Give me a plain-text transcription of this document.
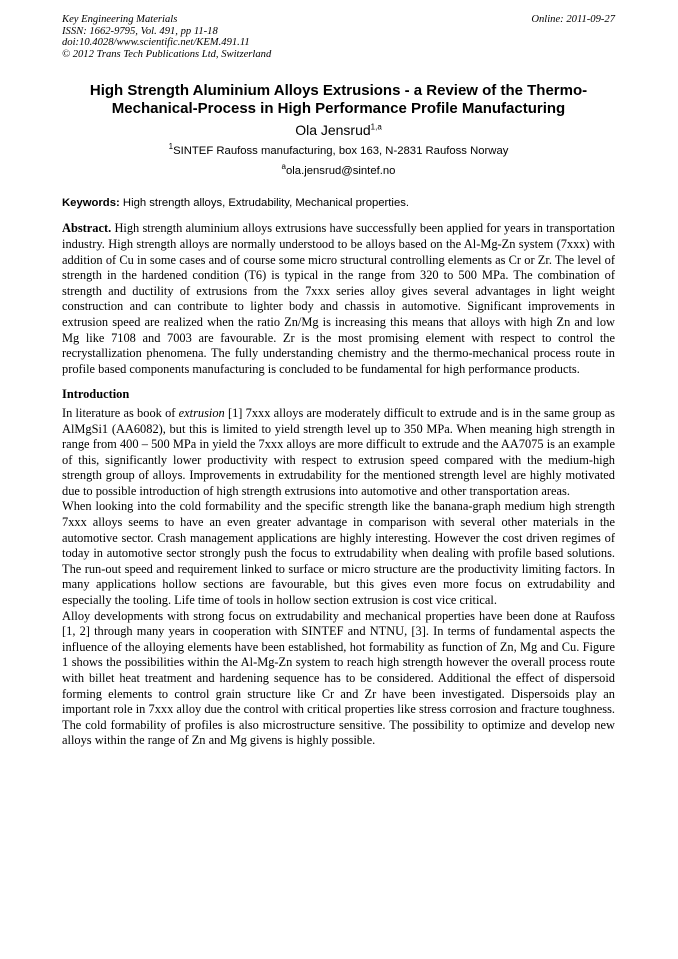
Key Engineering Materials
ISSN: 1662-9795, Vol. 491, pp 11-18
doi:10.4028/www.scientific.net/KEM.491.11
© 2012 Trans Tech Publications Ltd, Switzerland
Online: 2011-09-27
High Strength Aluminium Alloys Extrusions - a Review of the Thermo-
Mechanical-Process in High Performance Profile Manufacturing
Ola Jensrud$^{1,a}$
$^1$SINTEF Raufoss manufacturing, box 163, N-2831 Raufoss Norway
$^a$ola.jensrud@sintef.no
Keywords: High strength alloys, Extrudability, Mechanical properties.

Abstract. High strength aluminium alloys extrusions have successfully been applied for years in transportation industry. High strength alloys are normally understood to be alloys based on the Al-Mg-Zn system (7xxx) with addition of Cu in some cases and of course some micro structural controlling elements as Cr or Zr. The level of strength in the hardened condition (T6) is typical in the range from 320 to 500 MPa. The combination of strength and ductility of extrusions from the 7xxx series alloy gives several advantages in light weight construction and can contribute to lighter body and chassis in automotive. Significant improvements in extrusion speed are realized when the ratio Zn/Mg is increasing this means that alloys with high Zn and low Mg like 7108 and 7003 are favourable. Zr is the most promising element with respect to control the recrystallization phenomena. The fully understanding chemistry and the thermo-mechanical process route in profile based components manufacturing is concluded to be fundamental for high performance products.

Introduction

In literature as book of extrusion [1] 7xxx alloys are moderately difficult to extrude and is in the same group as AlMgSi1 (AA6082), but this is limited to yield strength level up to 350 MPa. When meaning high strength in range from 400 – 500 MPa in yield the 7xxx alloys are more difficult to extrude and the AA7075 is an example of this, significantly lower productivity with respect to extrusion speed compared with the medium-high strength group of alloys. Improvements in extrudability for the mentioned strength level are highly motivated due to possible introduction of high strength extrusions into automotive and other transportation areas.

When looking into the cold formability and the specific strength like the banana-graph medium high strength 7xxx alloys seems to have an even greater advantage in comparison with several other materials in the automotive sector. Crash management applications are highly interesting. However the cost driven regimes of today in automotive sector strongly push the focus to extrudability when dealing with profile based solutions. The run-out speed and requirement linked to surface or micro structure are the productivity limiting factors. In many applications hollow sections are favourable, but this gives even more focus on extrudability and especially the tooling. Life time of tools in hollow section extrusion is cost vice critical.

Alloy developments with strong focus on extrudability and mechanical properties have been done at Raufoss [1, 2] through many years in cooperation with SINTEF and NTNU, [3]. In terms of fundamental aspects the influence of the alloying elements have been established, hot formability as function of Zn, Mg and Cu. Figure 1 shows the possibilities within the Al-Mg-Zn system to reach high strength however the overall process route with billet heat treatment and hardening sequence has to be considered. Additional the effect of dispersoid forming elements to control grain structure like Cr and Zr have been investigated. Dispersoids play an important role in 7xxx alloy due the control with critical properties like stress corrosion and fracture toughness. The cold formability of profiles is also microstructure sensitive. The possibility to optimize and develop new alloys within the range of Zn and Mg givens is highly possible.
